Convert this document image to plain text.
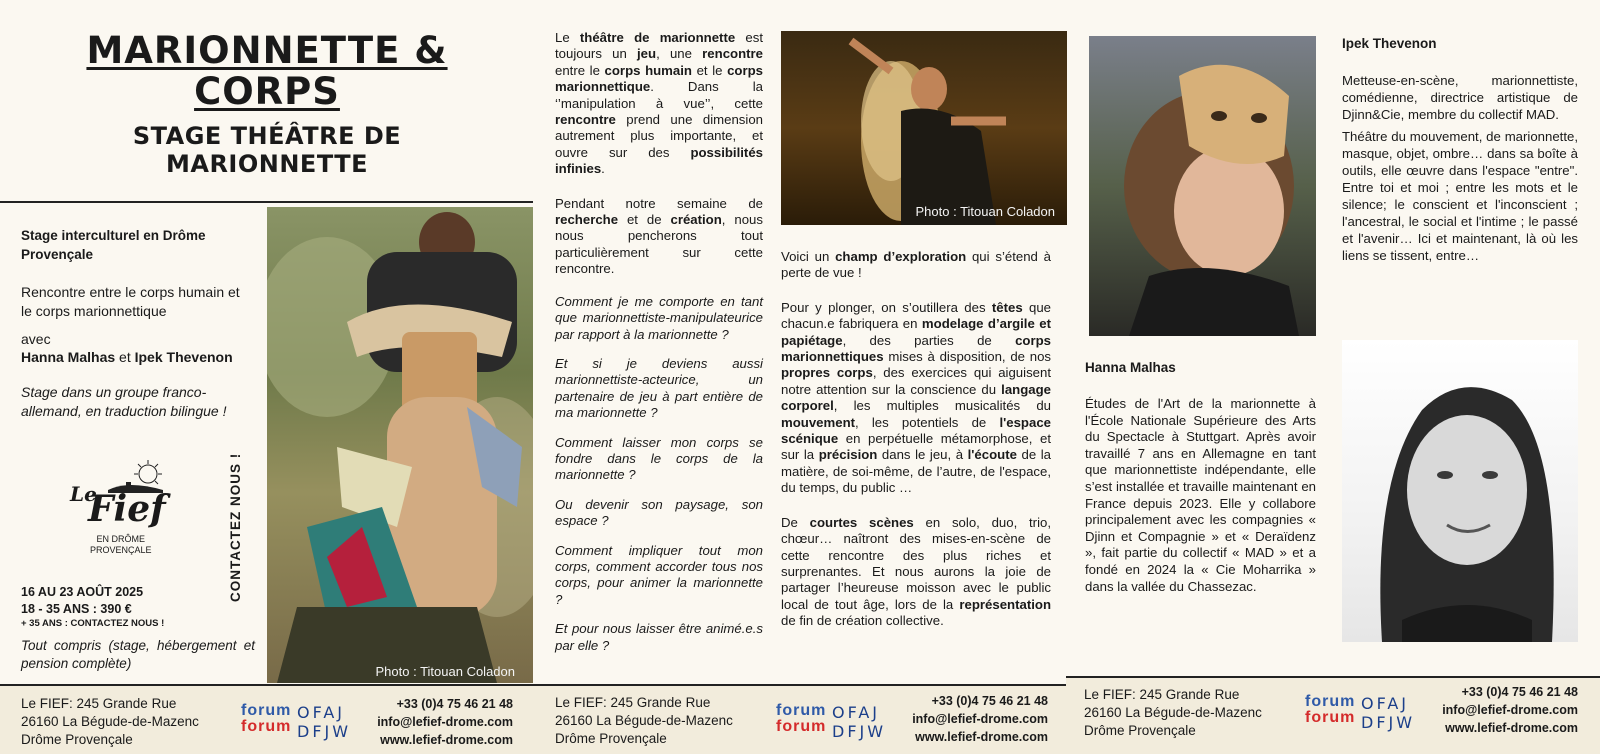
MARIONNETTE &
CORPS
STAGE THÉÂTRE DE
MARIONNETTE
Stage interculturel en Drôme Provençale
Rencontre entre le corps humain et le corps marionnettique
avec
Hanna Malhas et Ipek Thevenon
Stage dans un groupe franco-allemand, en traduction bilingue !
Le
Fief
EN DRÔME
PROVENÇALE	CONTACTEZ NOUS !
16 AU 23 AOÛT 2025
18 - 35 ANS : 390 €
+ 35 ANS : CONTACTEZ NOUS !
Tout compris (stage, hébergement et pension complète)
Photo : Titouan Coladon

Le théâtre de marionnette est toujours un jeu, une rencontre entre le corps humain et le corps marionnettique. Dans la ‘’manipulation à vue’’, cette rencontre prend une dimension autrement plus importante, et ouvre sur des possibilités infinies.

Pendant notre semaine de recherche et de création, nous nous pencherons tout particulièrement sur cette rencontre.

Comment je me comporte en tant que marionnettiste-manipulateurice par rapport à la marionnette ?

Et si je deviens aussi marionnettiste-acteurice, un partenaire de jeu à part entière de ma marionnette ?

Comment laisser mon corps se fondre dans le corps de la marionnette ?

Ou devenir son paysage, son espace ?

Comment impliquer tout mon corps, comment accorder tous nos corps, pour animer la marionnette ?

Et pour nous laisser être animé.e.s par elle ?

Photo : Titouan Coladon

Voici un champ d’exploration qui s’étend à perte de vue !

Pour y plonger, on s’outillera des têtes que chacun.e fabriquera en modelage d’argile et papiétage, des parties de corps marionnettiques mises à disposition, de nos propres corps, des exercices qui aiguisent notre attention sur la conscience du langage corporel, les multiples musicalités du mouvement, les potentiels de l'espace scénique en perpétuelle métamorphose, et sur la précision dans le jeu, à l'écoute de la matière, de soi-même, de l’autre, de l'espace, du temps, du public …

De courtes scènes en solo, duo, trio, chœur… naîtront des mises-en-scène de cette rencontre des plus riches et surprenantes. Et nous aurons la joie de partager l’heureuse moisson avec le public local de tout âge, lors de la représentation de fin de création collective.

Ipek Thevenon
Metteuse-en-scène, marionnettiste, comédienne, directrice artistique de Djinn&Cie, membre du collectif MAD.
Théâtre du mouvement, de marionnette, masque, objet, ombre… dans sa boîte à outils, elle œuvre dans l'espace "entre". Entre toi et moi ; entre les mots et le silence; le conscient et l'inconscient ; l'ancestral, le social et l'intime ; le passé et l'avenir… Ici et maintenant, là où les liens se tissent, entre…
Hanna Malhas
Études de l'Art de la marionnette à l'École Nationale Supérieure des Arts du Spectacle à Stuttgart. Après avoir travaillé 7 ans en Allemagne en tant que marionnettiste indépendante, elle s’est installée et travaille maintenant en France depuis 2023. Elle y collabore principalement avec les compagnies « Djinn et Compagnie » et « Deraïdenz », fait partie du collectif « MAD » et a fondé en 2024 la « Cie Moharrika » dans la vallée du Chassezac.
Le FIEF: 245 Grande Rue
26160 La Bégude-de-Mazenc
Drôme Provençale
forum
forum
OFAJ
DFJW
+33 (0)4 75 46 21 48
info@lefief-drome.com
www.lefief-drome.com
Le FIEF: 245 Grande Rue
26160 La Bégude-de-Mazenc
Drôme Provençale
forum
forum
OFAJ
DFJW
+33 (0)4 75 46 21 48
info@lefief-drome.com
www.lefief-drome.com
Le FIEF: 245 Grande Rue
26160 La Bégude-de-Mazenc
Drôme Provençale
forum
forum
OFAJ
DFJW
+33 (0)4 75 46 21 48
info@lefief-drome.com
www.lefief-drome.com
